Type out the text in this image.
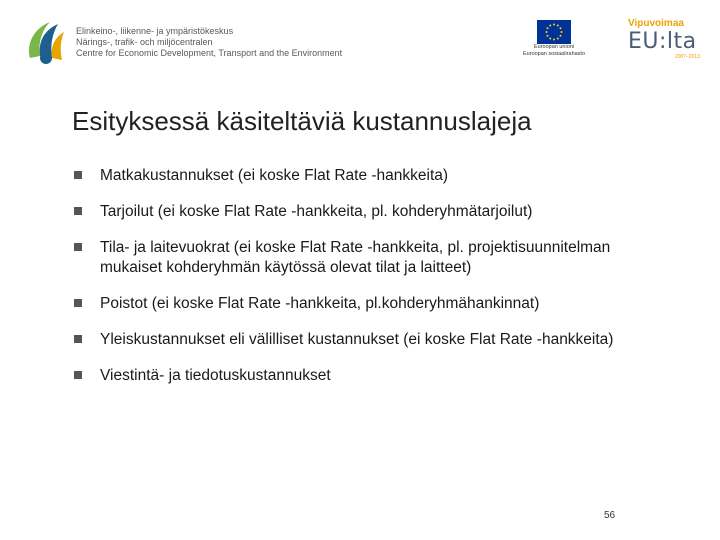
Elinkeino-, liikenne- ja ympäristökeskus
Närings-, trafik- och miljöcentralen
Centre for Economic Development, Transport and the Environment
Euroopan unioni
Euroopan sosiaalirahasto
Vipuvoimaa
EU:lta
2007–2013
Esityksessä käsiteltäviä kustannuslajeja
Matkakustannukset (ei koske Flat Rate -hankkeita)
Tarjoilut (ei koske Flat Rate -hankkeita, pl. kohderyhmätarjoilut)
Tila- ja laitevuokrat (ei koske Flat Rate -hankkeita, pl. projektisuunnitelman mukaiset kohderyhmän käytössä olevat tilat ja laitteet)
Poistot (ei koske Flat Rate -hankkeita, pl.kohderyhmähankinnat)
Yleiskustannukset eli välilliset kustannukset (ei koske Flat Rate -hankkeita)
Viestintä- ja tiedotuskustannukset
56
